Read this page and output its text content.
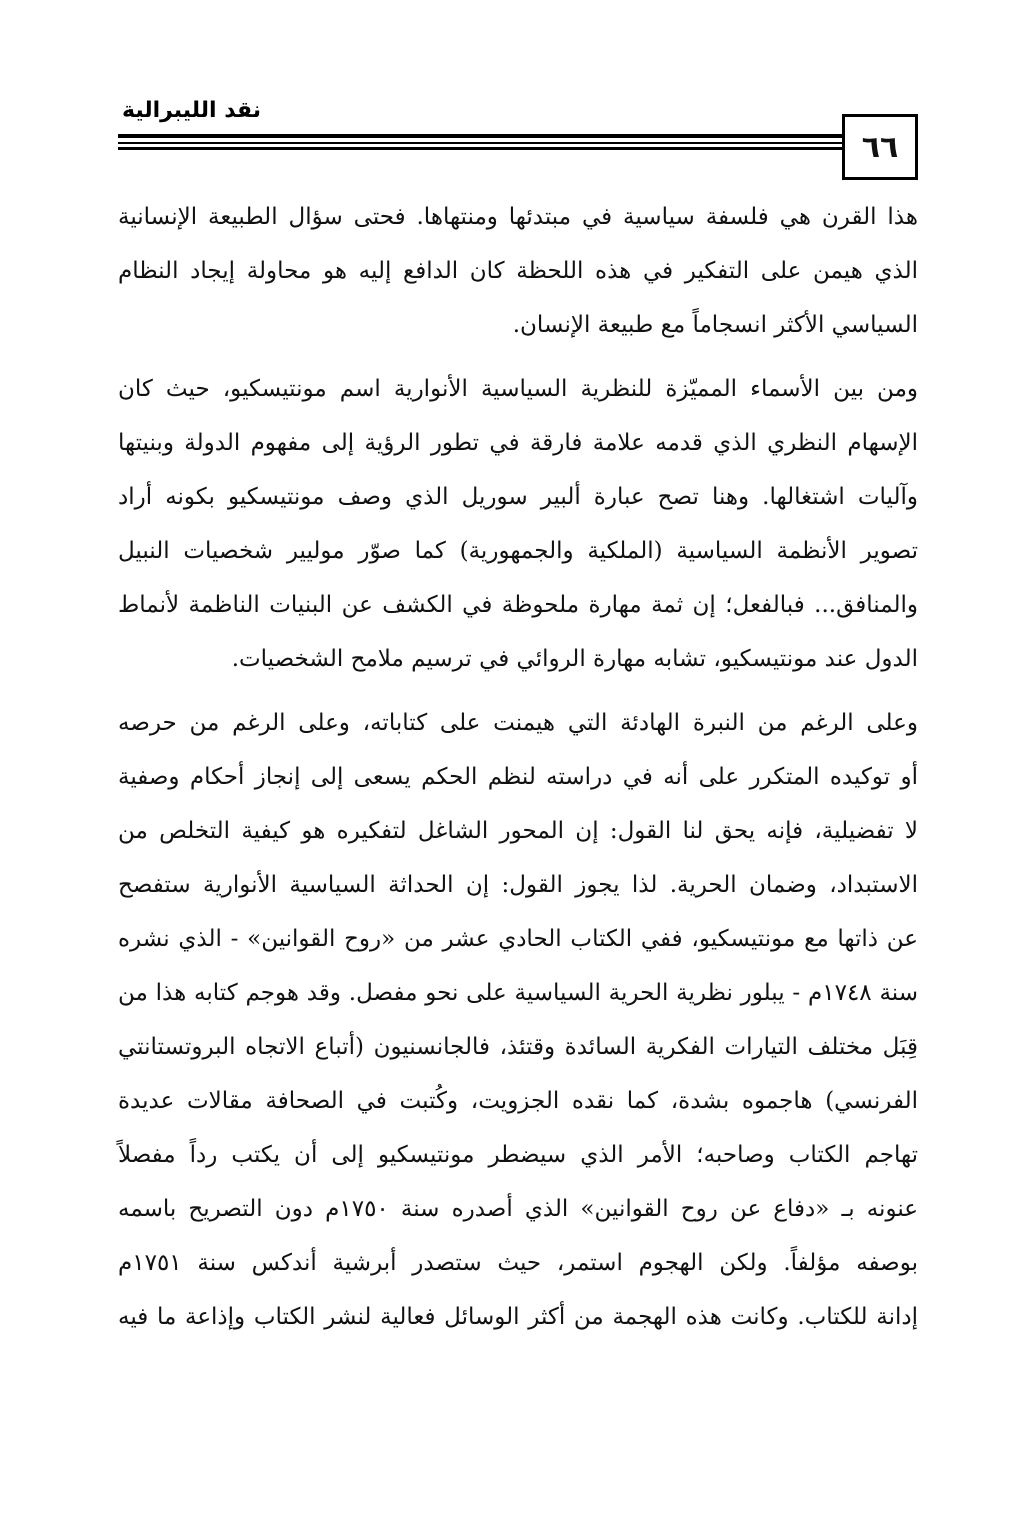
نقد الليبرالية
٦٦

هذا القرن هي فلسفة سياسية في مبتدئها ومنتهاها. فحتى سؤال الطبيعة الإنسانية
الذي هيمن على التفكير في هذه اللحظة كان الدافع إليه هو محاولة إيجاد النظام
السياسي الأكثر انسجاماً مع طبيعة الإنسان.

ومن بين الأسماء المميّزة للنظرية السياسية الأنوارية اسم مونتيسكيو، حيث كان
الإسهام النظري الذي قدمه علامة فارقة في تطور الرؤية إلى مفهوم الدولة وبنيتها
وآليات اشتغالها. وهنا تصح عبارة ألبير سوريل الذي وصف مونتيسكيو بكونه أراد
تصوير الأنظمة السياسية (الملكية والجمهورية) كما صوّر موليير شخصيات النبيل
والمنافق... فبالفعل؛ إن ثمة مهارة ملحوظة في الكشف عن البنيات الناظمة لأنماط
الدول عند مونتيسكيو، تشابه مهارة الروائي في ترسيم ملامح الشخصيات.

وعلى الرغم من النبرة الهادئة التي هيمنت على كتاباته، وعلى الرغم من حرصه
أو توكيده المتكرر على أنه في دراسته لنظم الحكم يسعى إلى إنجاز أحكام وصفية
لا تفضيلية، فإنه يحق لنا القول: إن المحور الشاغل لتفكيره هو كيفية التخلص من
الاستبداد، وضمان الحرية. لذا يجوز القول: إن الحداثة السياسية الأنوارية ستفصح
عن ذاتها مع مونتيسكيو، ففي الكتاب الحادي عشر من «روح القوانين» - الذي نشره
سنة ١٧٤٨م - يبلور نظرية الحرية السياسية على نحو مفصل. وقد هوجم كتابه هذا من
قِبَل مختلف التيارات الفكرية السائدة وقتئذ، فالجانسنيون (أتباع الاتجاه البروتستانتي
الفرنسي) هاجموه بشدة، كما نقده الجزويت، وكُتبت في الصحافة مقالات عديدة
تهاجم الكتاب وصاحبه؛ الأمر الذي سيضطر مونتيسكيو إلى أن يكتب رداً مفصلاً
عنونه بـ «دفاع عن روح القوانين» الذي أصدره سنة ١٧٥٠م دون التصريح باسمه
بوصفه مؤلفاً. ولكن الهجوم استمر، حيث ستصدر أبرشية أندكس سنة ١٧٥١م
إدانة للكتاب. وكانت هذه الهجمة من أكثر الوسائل فعالية لنشر الكتاب وإذاعة ما فيه
